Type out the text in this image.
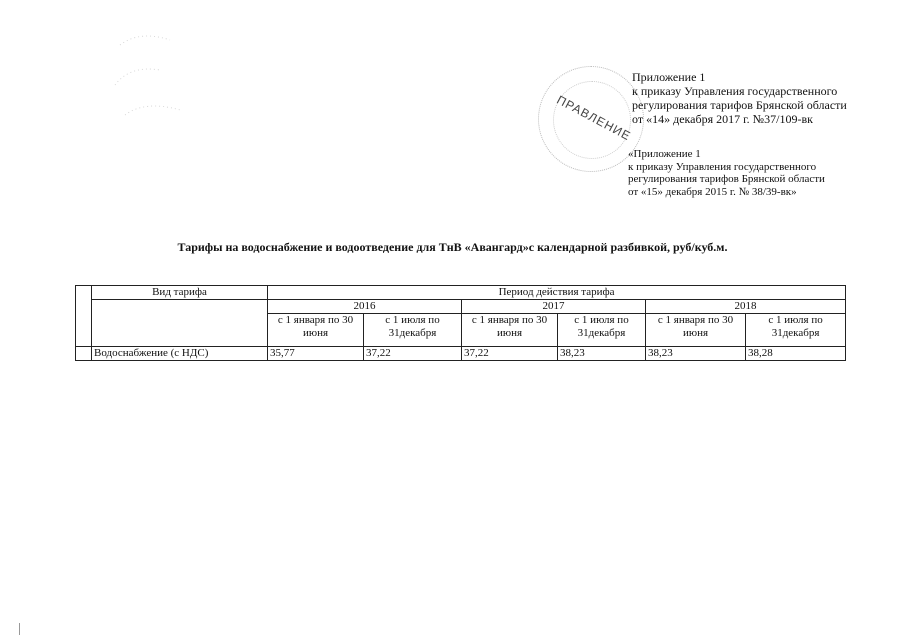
ПРАВЛЕНИЕ
Приложение 1
к приказу Управления государственного
регулирования тарифов Брянской области
от «14» декабря 2017 г. №37/109-вк
«Приложение 1
к приказу Управления государственного
регулирования тарифов Брянской области
от «15» декабря 2015 г. № 38/39-вк»
Тарифы на водоснабжение и водоотведение для ТнВ «Авангард»с календарной разбивкой, руб/куб.м.
	Вид тарифа	Период действия тарифа					
		2016		2017		2018	
		с 1 января по 30 июня	с 1 июля по 31декабря	с 1 января по 30 июня	с 1 июля по 31декабря	с 1 января по 30 июня	с 1 июля по 31декабря
	Водоснабжение (с НДС)	35,77	37,22	37,22	38,23	38,23	38,28
